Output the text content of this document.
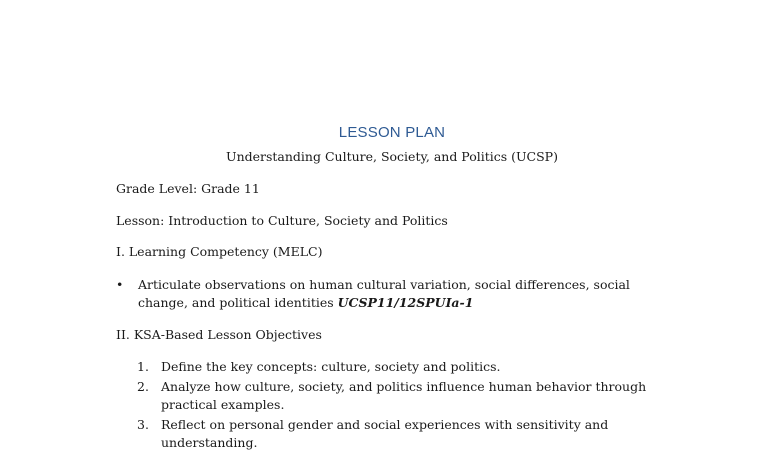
LESSON PLAN
Understanding Culture, Society, and Politics (UCSP)
Grade Level: Grade 11
Lesson: Introduction to Culture, Society and Politics
I. Learning Competency (MELC)
•	Articulate observations on human cultural variation, social differences, social change, and political identities UCSP11/12SPUIa-1
II. KSA-Based Lesson Objectives
1. Define the key concepts: culture, society and politics.
2. Analyze how culture, society, and politics influence human behavior through practical examples.
3. Reflect on personal gender and social experiences with sensitivity and understanding.
